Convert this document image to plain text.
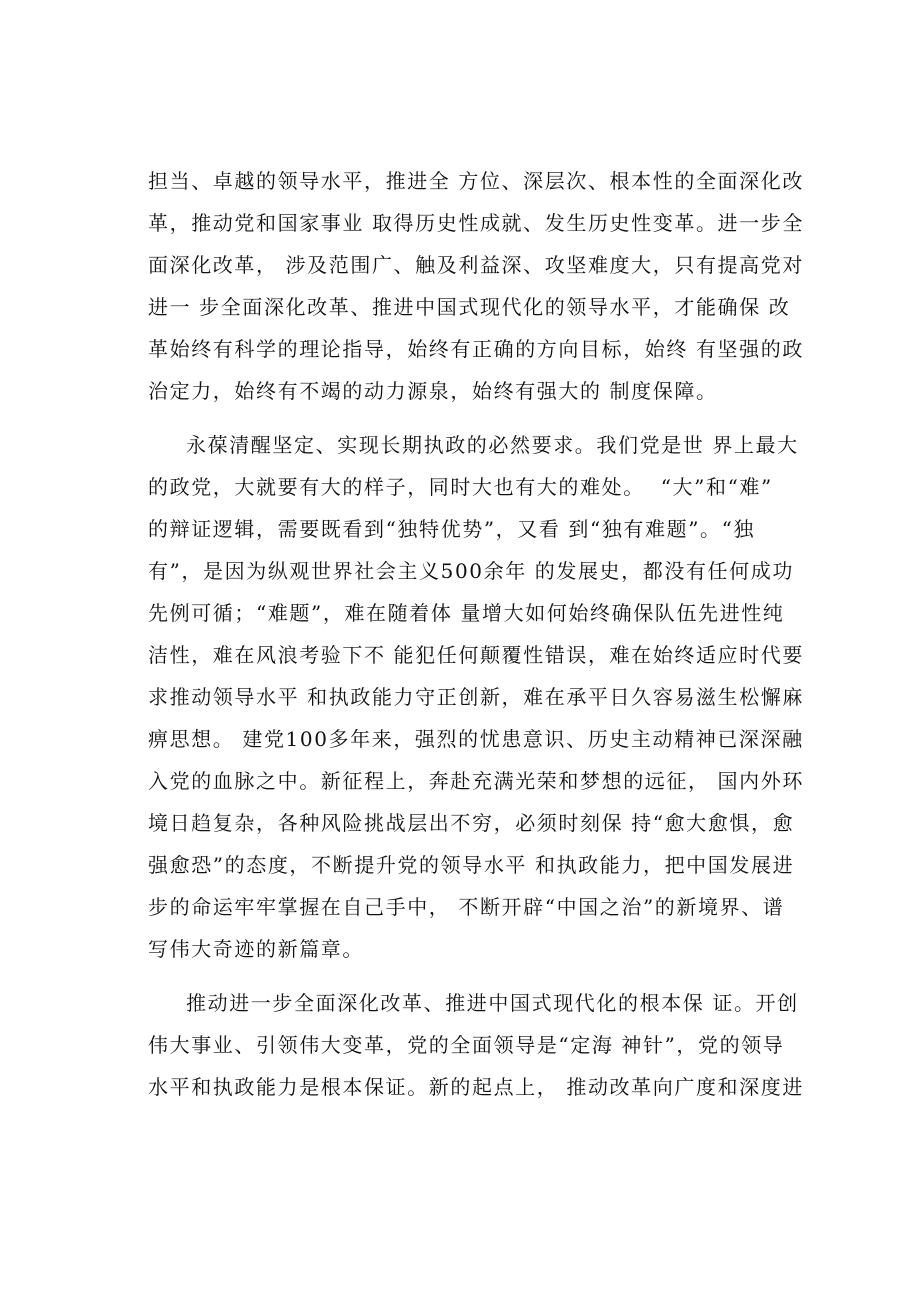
担当、卓越的领导水平，推进全 方位、深层次、根本性的全面深化改
革，推动党和国家事业 取得历史性成就、发生历史性变革。进一步全
面深化改革， 涉及范围广、触及利益深、攻坚难度大，只有提高党对
进一 步全面深化改革、推进中国式现代化的领导水平，才能确保 改
革始终有科学的理论指导，始终有正确的方向目标，始终 有坚强的政
治定力，始终有不竭的动力源泉，始终有强大的 制度保障。
永葆清醒坚定、实现长期执政的必然要求。我们党是世 界上最大
的政党，大就要有大的样子，同时大也有大的难处。  “大”和“难”
的辩证逻辑，需要既看到“独特优势”，又看 到“独有难题”。“独
有”，是因为纵观世界社会主义500余年 的发展史，都没有任何成功
先例可循；“难题”，难在随着体 量增大如何始终确保队伍先进性纯
洁性，难在风浪考验下不 能犯任何颠覆性错误，难在始终适应时代要
求推动领导水平 和执政能力守正创新，难在承平日久容易滋生松懈麻
痹思想。 建党100多年来，强烈的忧患意识、历史主动精神已深深融
入党的血脉之中。新征程上，奔赴充满光荣和梦想的远征， 国内外环
境日趋复杂，各种风险挑战层出不穷，必须时刻保 持“愈大愈惧，愈
强愈恐”的态度，不断提升党的领导水平 和执政能力，把中国发展进
步的命运牢牢掌握在自己手中， 不断开辟“中国之治”的新境界、谱
写伟大奇迹的新篇章。
推动进一步全面深化改革、推进中国式现代化的根本保 证。开创
伟大事业、引领伟大变革，党的全面领导是“定海 神针”，党的领导
水平和执政能力是根本保证。新的起点上， 推动改革向广度和深度进
